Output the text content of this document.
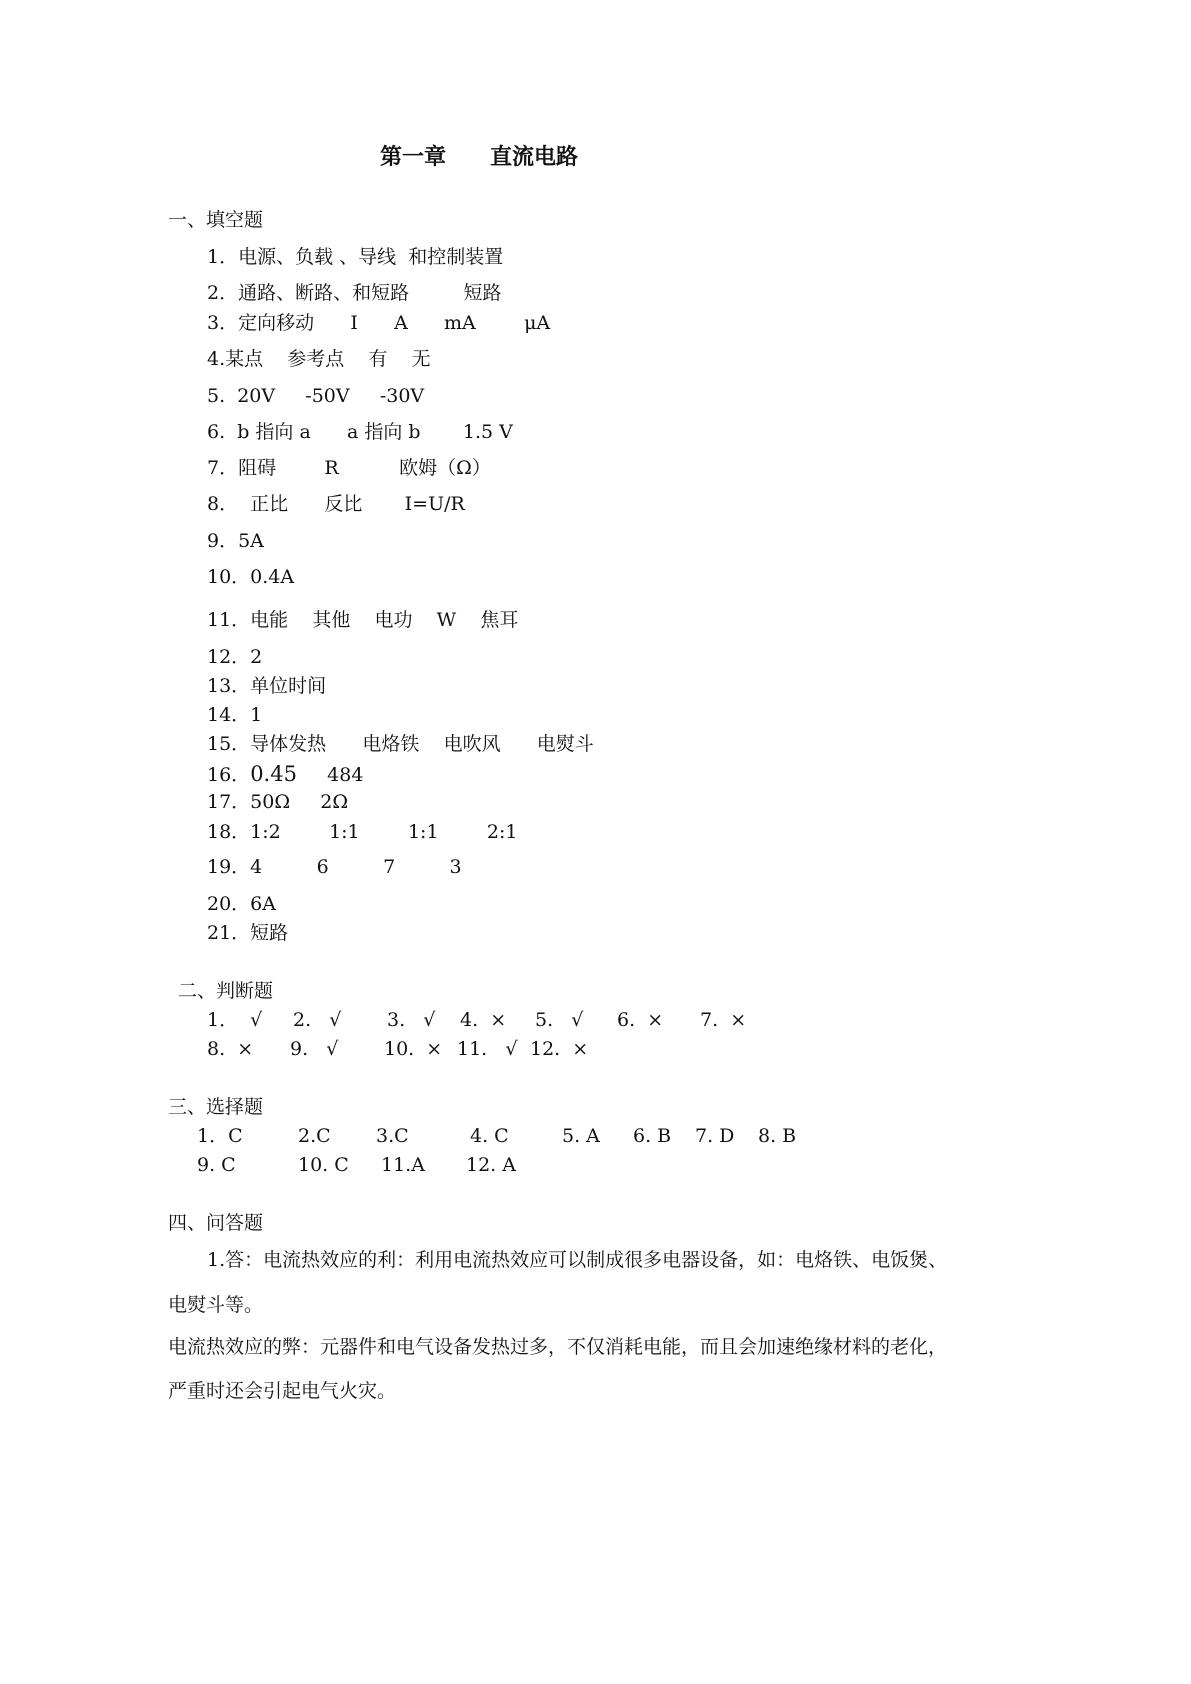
第一章　　直流电路
一、填空题
1．电源、负载 、导线  和控制装置
2．通路、断路、和短路         短路
3．定向移动      I      A      mA        μA
4.某点    参考点    有    无
5.  20V     -50V     -30V
6.  b 指向 a      a 指向 b       1.5 V
7．阻碍        R          欧姆（Ω）
8．  正比      反比       I=U/R
9．5A
10．0.4A
11．电能    其他    电功    W    焦耳
12．2
13．单位时间
14．1
15．导体发热      电烙铁    电吹风      电熨斗
16．0.45     484
17．50Ω     2Ω
18．1:2        1:1        1:1        2:1
19．4         6         7         3
20．6A
21．短路
二、判断题
1．  √ 2.   √ 3.   √ 4.  × 5.   √ 6.  × 7.  ×
8.  × 9.   √ 10.  × 11.   √ 12.  ×
三、选择题
1．C	2.C 3.C	4. C	5. A 6. B 7. D 8. B
9. C	10. C 11.A 12. A
四、问答题
1.答：电流热效应的利：利用电流热效应可以制成很多电器设备，如：电烙铁、电饭煲、
电熨斗等。
电流热效应的弊：元器件和电气设备发热过多，不仅消耗电能，而且会加速绝缘材料的老化，
严重时还会引起电气火灾。
